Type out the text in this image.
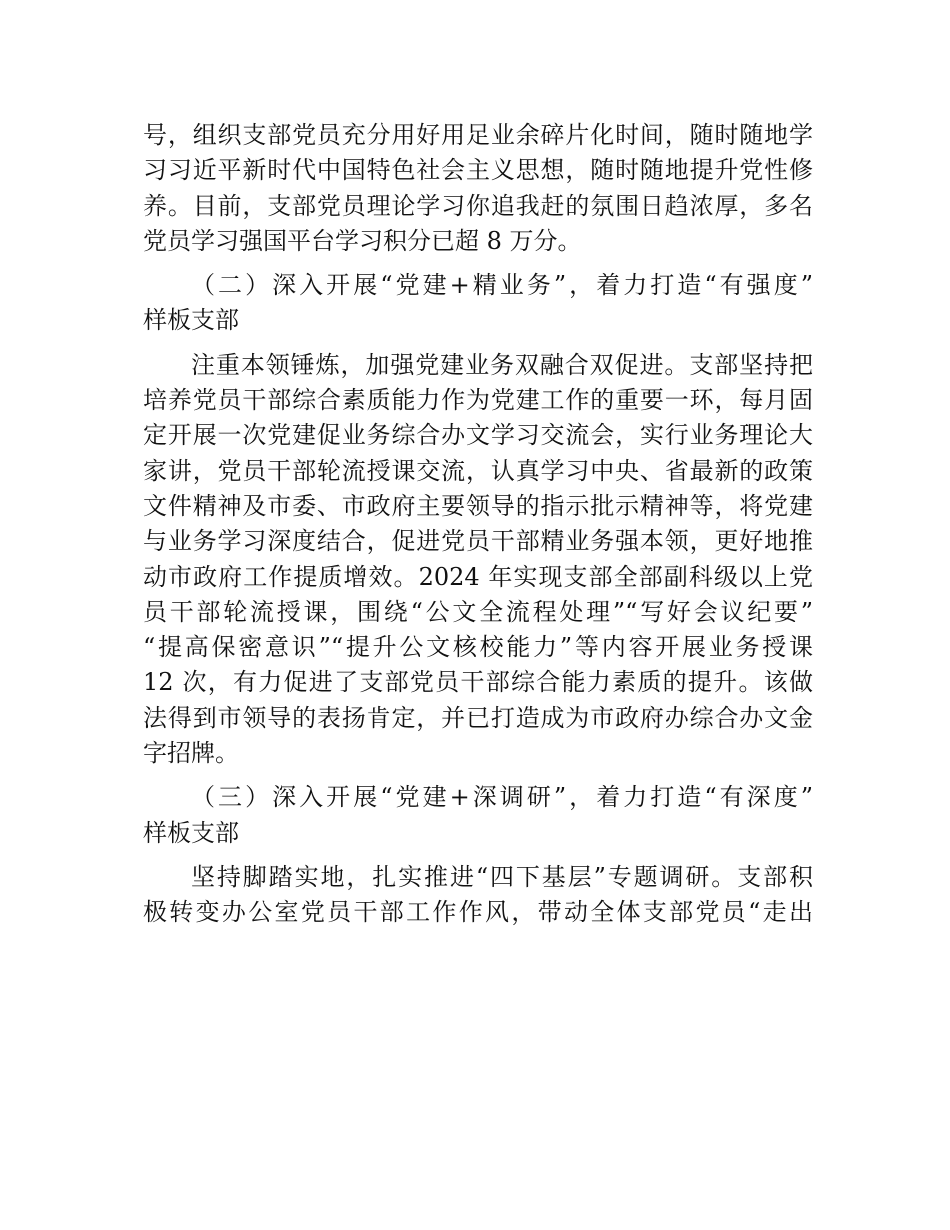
号，组织支部党员充分用好用足业余碎片化时间，随时随地学
习习近平新时代中国特色社会主义思想，随时随地提升党性修
养。目前，支部党员理论学习你追我赶的氛围日趋浓厚，多名
党员学习强国平台学习积分已超 8 万分。
（二）深入开展“党建+精业务”，着力打造“有强度”
样板支部
注重本领锤炼，加强党建业务双融合双促进。支部坚持把
培养党员干部综合素质能力作为党建工作的重要一环，每月固
定开展一次党建促业务综合办文学习交流会，实行业务理论大
家讲，党员干部轮流授课交流，认真学习中央、省最新的政策
文件精神及市委、市政府主要领导的指示批示精神等，将党建
与业务学习深度结合，促进党员干部精业务强本领，更好地推
动市政府工作提质增效。2024 年实现支部全部副科级以上党
员干部轮流授课，围绕“公文全流程处理”“写好会议纪要”
“提高保密意识”“提升公文核校能力”等内容开展业务授课
12 次，有力促进了支部党员干部综合能力素质的提升。该做
法得到市领导的表扬肯定，并已打造成为市政府办综合办文金
字招牌。
（三）深入开展“党建+深调研”，着力打造“有深度”
样板支部
坚持脚踏实地，扎实推进“四下基层”专题调研。支部积
极转变办公室党员干部工作作风，带动全体支部党员“走出
